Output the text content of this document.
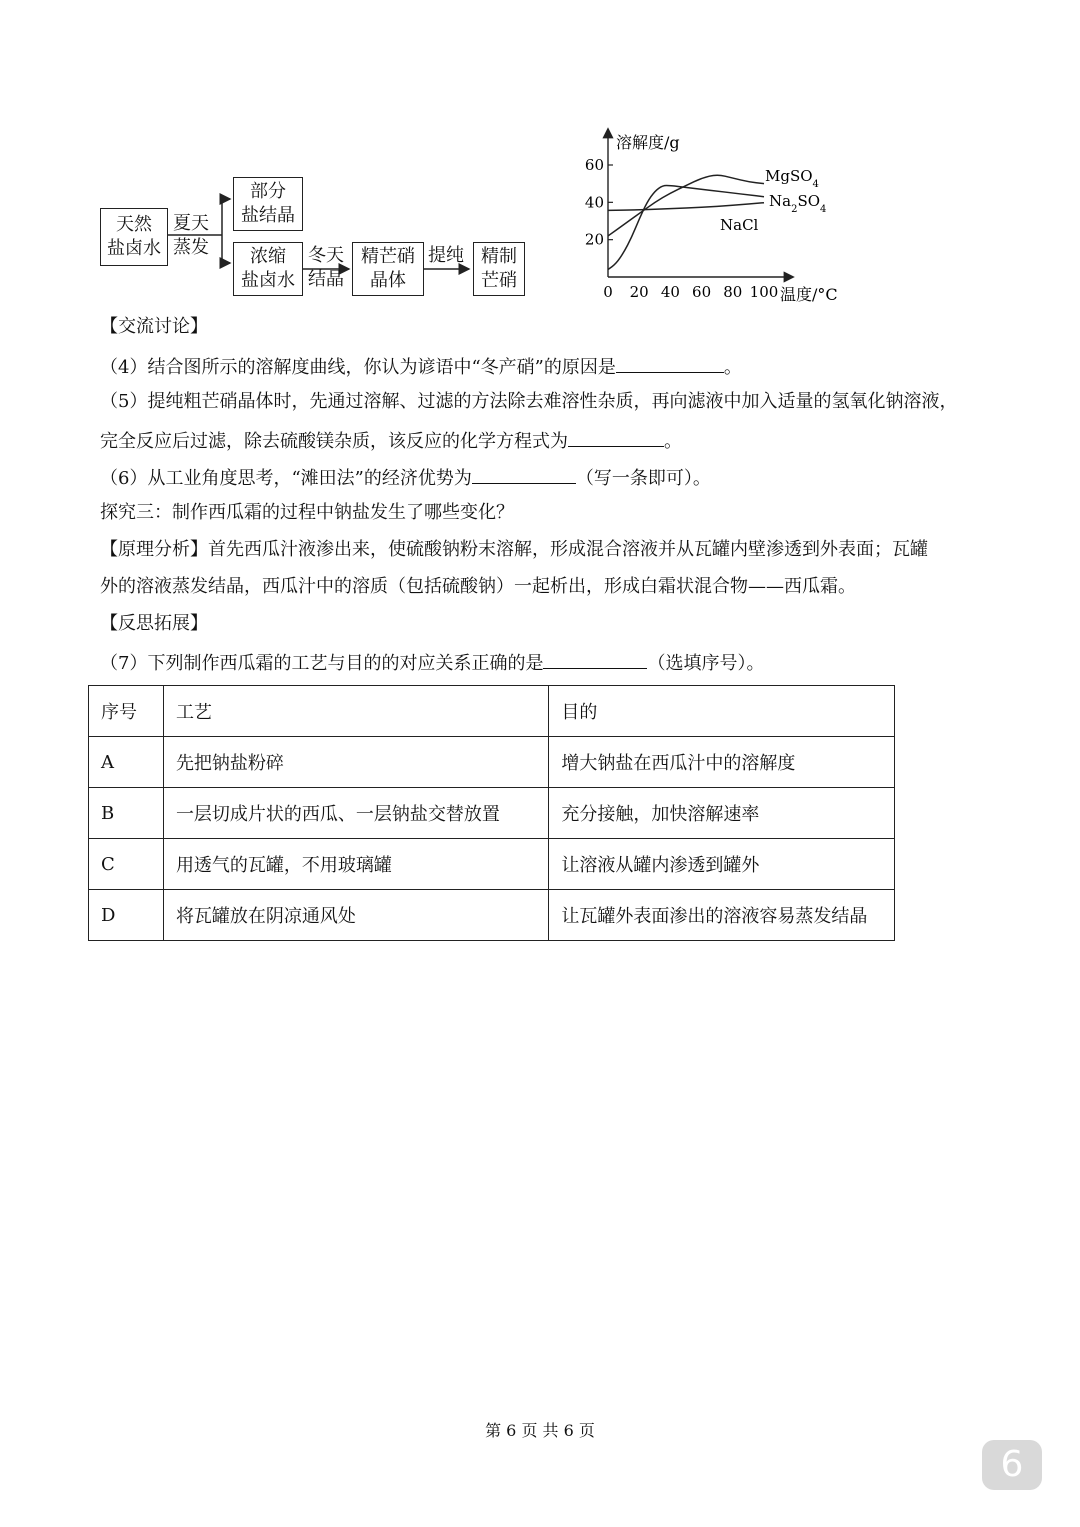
天然
盐卤水
夏天
蒸发
部分
盐结晶
浓缩
盐卤水
冬天
结晶
精芒硝
晶体
提纯 精制
芒硝
0 20 40 60 80 100
20
40
60
溶解度/g
温度/°C
MgSO$_4$
$Na_2SO_4$
NaCl
【交流讨论】
（4）结合图所示的溶解度曲线，你认为谚语中“冬产硝”的原因是	。
（5）提纯粗芒硝晶体时，先通过溶解、过滤的方法除去难溶性杂质，再向滤液中加入适量的氢氧化钠溶液，
完全反应后过滤，除去硫酸镁杂质，该反应的化学方程式为	。
（6）从工业角度思考，“滩田法”的经济优势为	（写一条即可）。
探究三：制作西瓜霜的过程中钠盐发生了哪些变化？
【原理分析】首先西瓜汁液渗出来，使硫酸钠粉末溶解，形成混合溶液并从瓦罐内壁渗透到外表面；瓦罐
外的溶液蒸发结晶，西瓜汁中的溶质（包括硫酸钠）一起析出，形成白霜状混合物——西瓜霜。
【反思拓展】
（7）下列制作西瓜霜的工艺与目的的对应关系正确的是	（选填序号）。
序号	工艺	目的
A	先把钠盐粉碎	增大钠盐在西瓜汁中的溶解度
B	一层切成片状的西瓜、一层钠盐交替放置	充分接触，加快溶解速率
C	用透气的瓦罐，不用玻璃罐	让溶液从罐内渗透到罐外
D	将瓦罐放在阴凉通风处	让瓦罐外表面渗出的溶液容易蒸发结晶
第 6 页 共 6 页
6
